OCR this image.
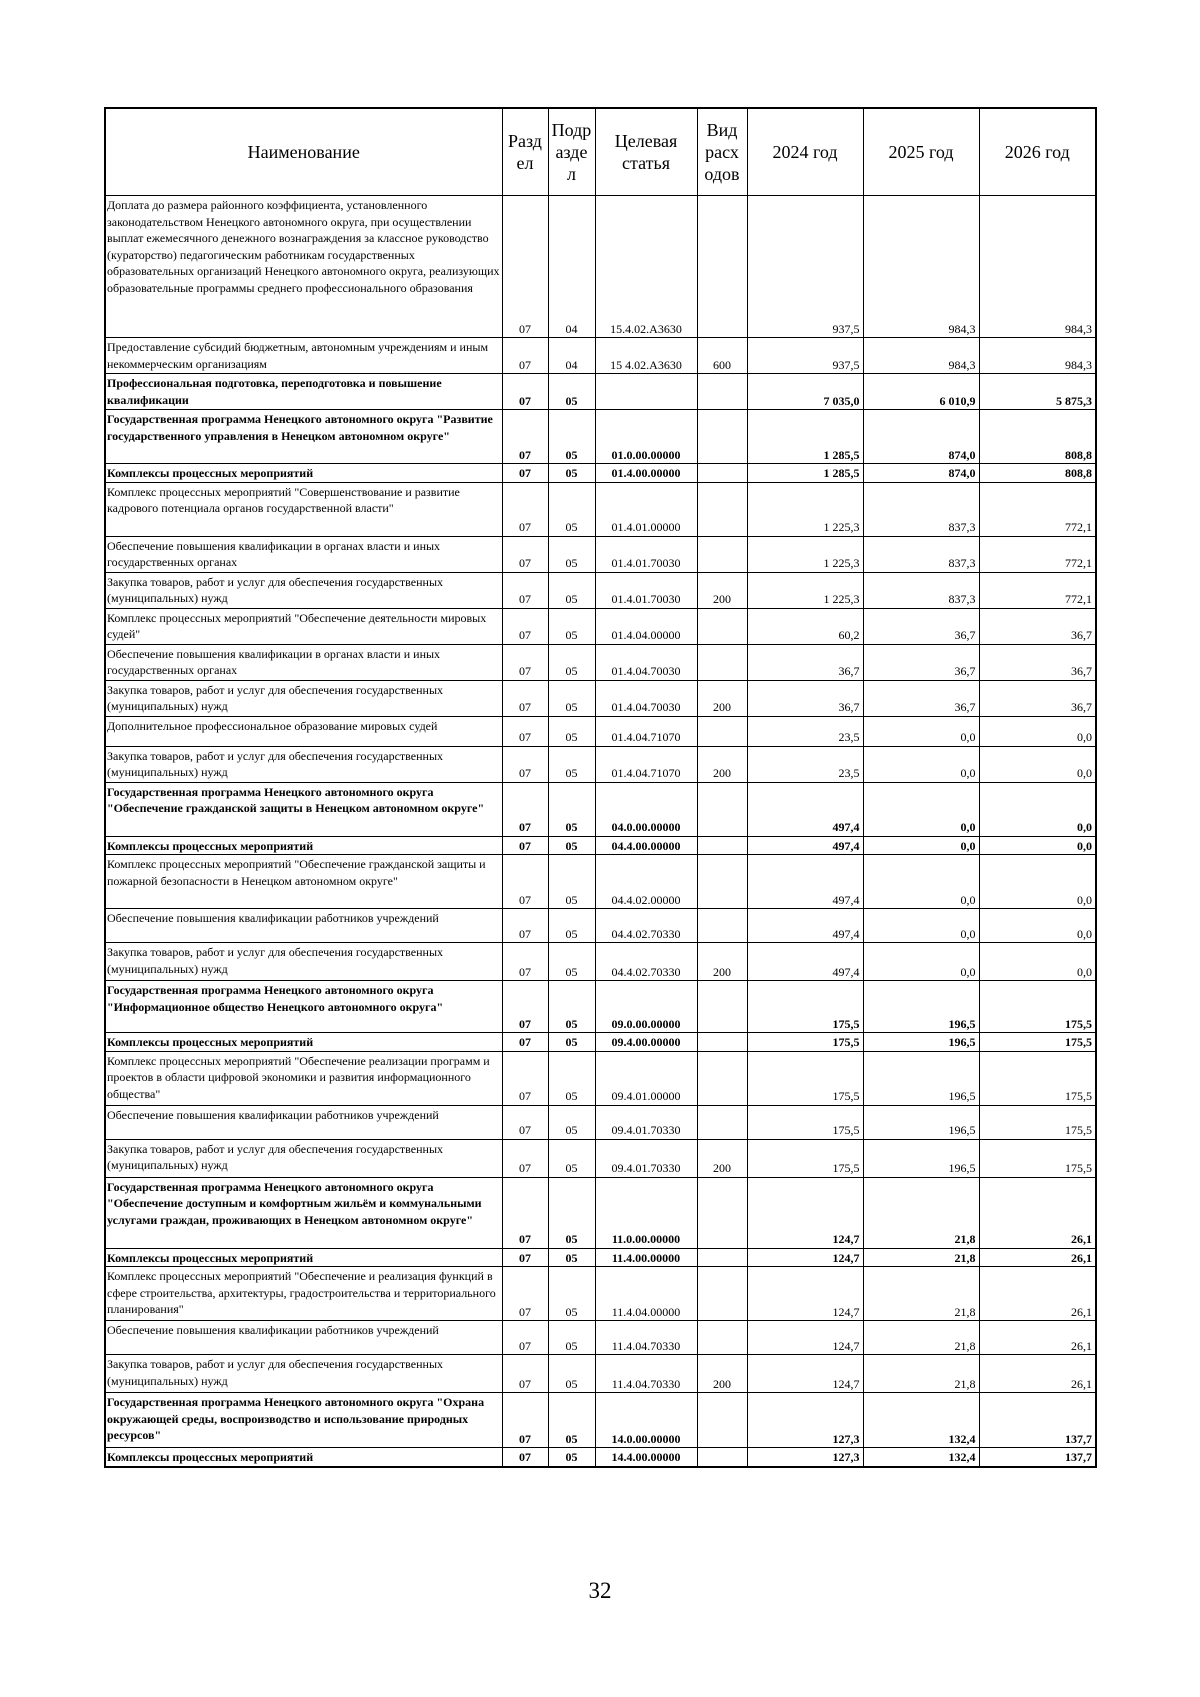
Наименование	Разд ел	Подр азде л	Целевая статья	Вид расх одов	2024 год	2025 год	2026 год
Доплата до размера районного коэффициента, установленного законодательством Ненецкого автономного округа, при осуществлении выплат ежемесячного денежного вознаграждения за классное руководство (кураторство) педагогическим работникам государственных образовательных организаций Ненецкого автономного округа, реализующих образовательные программы среднего профессионального образования	07	04	15.4.02.А3630		937,5	984,3	984,3
Предоставление субсидий бюджетным, автономным учреждениям и иным некоммерческим организациям	07	04	15 4.02.А3630	600	937,5	984,3	984,3
Профессиональная подготовка, переподготовка и повышение квалификации	07	05			7 035,0	6 010,9	5 875,3
Государственная программа Ненецкого автономного округа "Развитие государственного управления в Ненецком автономном округе"	07	05	01.0.00.00000		1 285,5	874,0	808,8
Комплексы процессных мероприятий	07	05	01.4.00.00000		1 285,5	874,0	808,8
Комплекс процессных мероприятий "Совершенствование и развитие кадрового потенциала органов государственной власти"	07	05	01.4.01.00000		1 225,3	837,3	772,1
Обеспечение повышения квалификации в органах власти и иных государственных органах	07	05	01.4.01.70030		1 225,3	837,3	772,1
Закупка товаров, работ и услуг для обеспечения государственных (муниципальных) нужд	07	05	01.4.01.70030	200	1 225,3	837,3	772,1
Комплекс процессных мероприятий "Обеспечение деятельности мировых судей"	07	05	01.4.04.00000		60,2	36,7	36,7
Обеспечение повышения квалификации в органах власти и иных государственных органах	07	05	01.4.04.70030		36,7	36,7	36,7
Закупка товаров, работ и услуг для обеспечения государственных (муниципальных) нужд	07	05	01.4.04.70030	200	36,7	36,7	36,7
Дополнительное профессиональное образование мировых судей	07	05	01.4.04.71070		23,5	0,0	0,0
Закупка товаров, работ и услуг для обеспечения государственных (муниципальных) нужд	07	05	01.4.04.71070	200	23,5	0,0	0,0
Государственная программа Ненецкого автономного округа "Обеспечение гражданской защиты в Ненецком автономном округе"	07	05	04.0.00.00000		497,4	0,0	0,0
Комплексы процессных мероприятий	07	05	04.4.00.00000		497,4	0,0	0,0
Комплекс процессных мероприятий "Обеспечение гражданской защиты и пожарной безопасности в Ненецком автономном округе"	07	05	04.4.02.00000		497,4	0,0	0,0
Обеспечение повышения квалификации работников учреждений	07	05	04.4.02.70330		497,4	0,0	0,0
Закупка товаров, работ и услуг для обеспечения государственных (муниципальных) нужд	07	05	04.4.02.70330	200	497,4	0,0	0,0
Государственная программа Ненецкого автономного округа "Информационное общество Ненецкого автономного округа"	07	05	09.0.00.00000		175,5	196,5	175,5
Комплексы процессных мероприятий	07	05	09.4.00.00000		175,5	196,5	175,5
Комплекс процессных мероприятий "Обеспечение реализации программ и проектов в области цифровой экономики и развития информационного общества"	07	05	09.4.01.00000		175,5	196,5	175,5
Обеспечение повышения квалификации работников учреждений	07	05	09.4.01.70330		175,5	196,5	175,5
Закупка товаров, работ и услуг для обеспечения государственных (муниципальных) нужд	07	05	09.4.01.70330	200	175,5	196,5	175,5
Государственная программа Ненецкого автономного округа "Обеспечение доступным и комфортным жильём и коммунальными услугами граждан, проживающих в Ненецком автономном округе"	07	05	11.0.00.00000		124,7	21,8	26,1
Комплексы процессных мероприятий	07	05	11.4.00.00000		124,7	21,8	26,1
Комплекс процессных мероприятий "Обеспечение и реализация функций в сфере строительства, архитектуры, градостроительства и территориального планирования"	07	05	11.4.04.00000		124,7	21,8	26,1
Обеспечение повышения квалификации работников учреждений	07	05	11.4.04.70330		124,7	21,8	26,1
Закупка товаров, работ и услуг для обеспечения государственных (муниципальных) нужд	07	05	11.4.04.70330	200	124,7	21,8	26,1
Государственная программа Ненецкого автономного округа "Охрана окружающей среды, воспроизводство и использование природных ресурсов"	07	05	14.0.00.00000		127,3	132,4	137,7
Комплексы процессных мероприятий	07	05	14.4.00.00000		127,3	132,4	137,7
32
